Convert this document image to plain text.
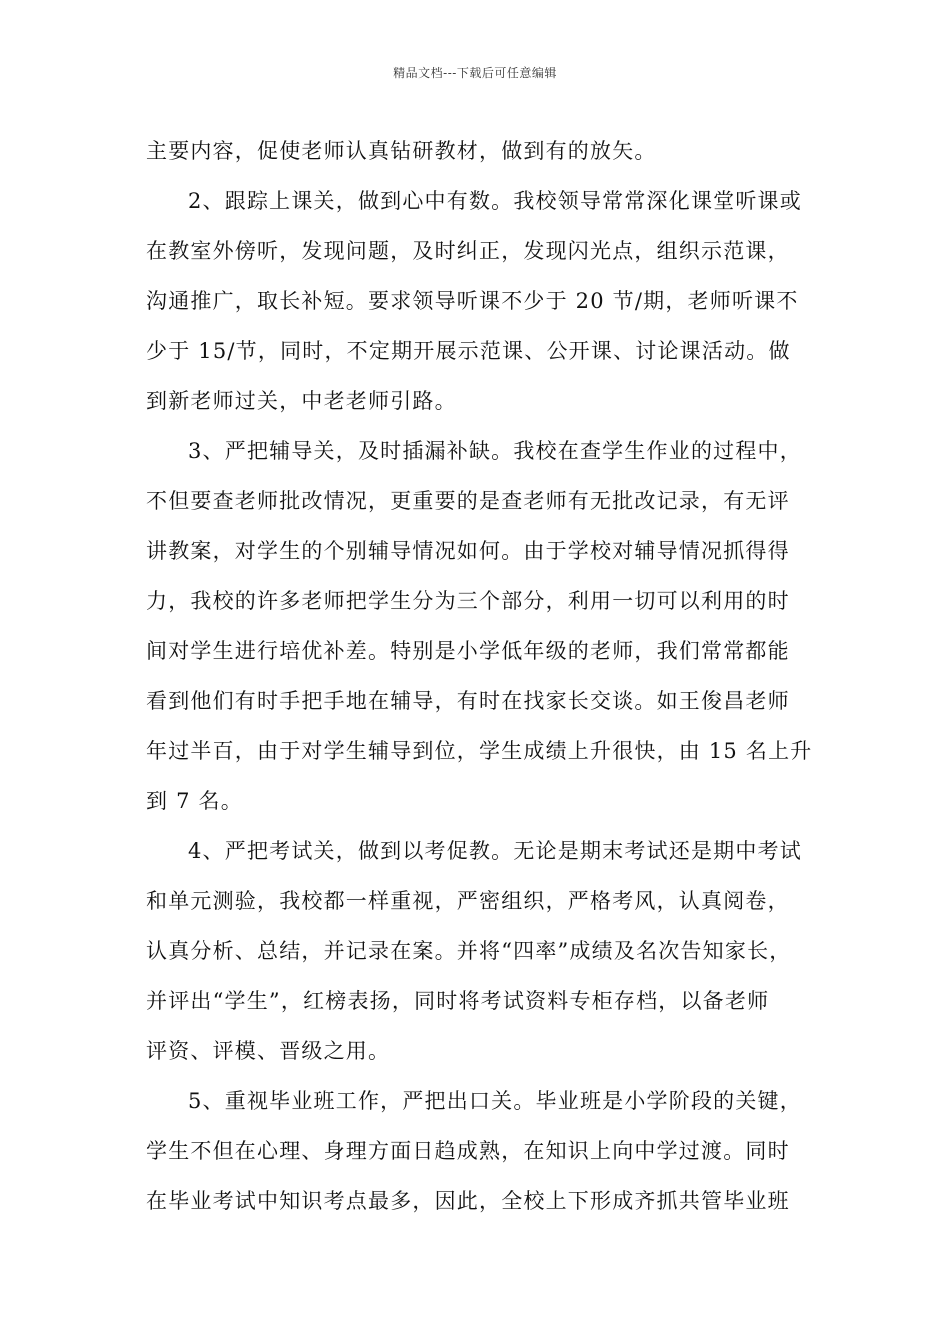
精品文档---下载后可任意编辑
主要内容，促使老师认真钻研教材，做到有的放矢。
2、跟踪上课关，做到心中有数。我校领导常常深化课堂听课或
在教室外傍听，发现问题，及时纠正，发现闪光点，组织示范课，
沟通推广，取长补短。要求领导听课不少于 20 节/期，老师听课不
少于 15/节，同时，不定期开展示范课、公开课、讨论课活动。做
到新老师过关，中老老师引路。
3、严把辅导关，及时插漏补缺。我校在查学生作业的过程中，
不但要查老师批改情况，更重要的是查老师有无批改记录，有无评
讲教案，对学生的个别辅导情况如何。由于学校对辅导情况抓得得
力，我校的许多老师把学生分为三个部分，利用一切可以利用的时
间对学生进行培优补差。特别是小学低年级的老师，我们常常都能
看到他们有时手把手地在辅导，有时在找家长交谈。如王俊昌老师
年过半百，由于对学生辅导到位，学生成绩上升很快，由 15 名上升
到 7 名。
4、严把考试关，做到以考促教。无论是期末考试还是期中考试
和单元测验，我校都一样重视，严密组织，严格考风，认真阅卷，
认真分析、总结，并记录在案。并将“四率”成绩及名次告知家长，
并评出“学生”，红榜表扬，同时将考试资料专柜存档，以备老师
评资、评模、晋级之用。
5、重视毕业班工作，严把出口关。毕业班是小学阶段的关键，
学生不但在心理、身理方面日趋成熟，在知识上向中学过渡。同时
在毕业考试中知识考点最多，因此，全校上下形成齐抓共管毕业班
